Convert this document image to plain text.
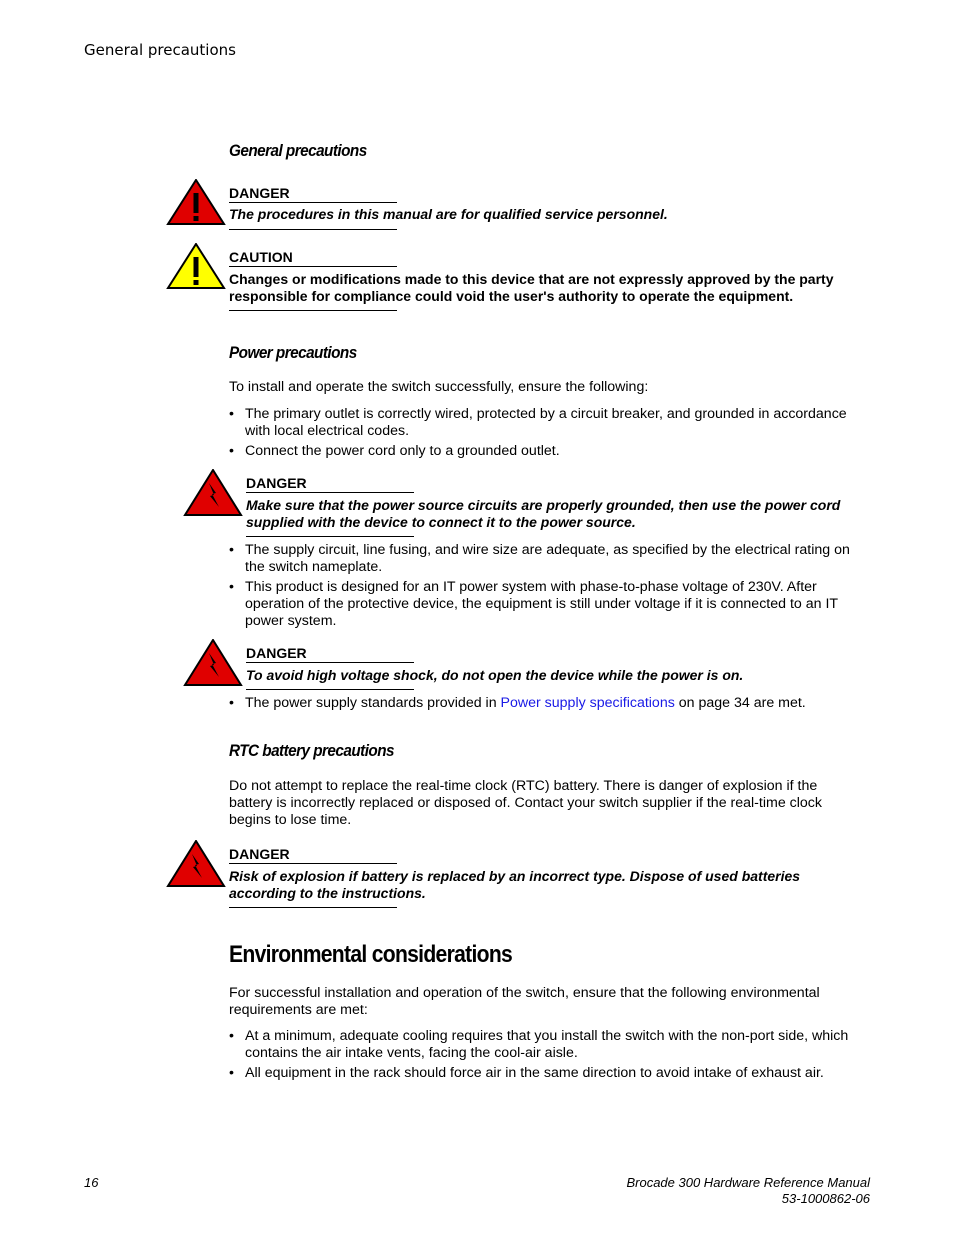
General precautions
General precautions
DANGER
The procedures in this manual are for qualified service personnel.
CAUTION
Changes or modifications made to this device that are not expressly approved by the party responsible for compliance could void the user's authority to operate the equipment.
Power precautions
To install and operate the switch successfully, ensure the following:
• The primary outlet is correctly wired, protected by a circuit breaker, and grounded in accordance with local electrical codes.
• Connect the power cord only to a grounded outlet.
DANGER
Make sure that the power source circuits are properly grounded, then use the power cord supplied with the device to connect it to the power source.
• The supply circuit, line fusing, and wire size are adequate, as specified by the electrical rating on the switch nameplate.
• This product is designed for an IT power system with phase-to-phase voltage of 230V. After operation of the protective device, the equipment is still under voltage if it is connected to an IT power system.
DANGER
To avoid high voltage shock, do not open the device while the power is on.
• The power supply standards provided in Power supply specifications on page 34 are met.
RTC battery precautions
Do not attempt to replace the real-time clock (RTC) battery. There is danger of explosion if the battery is incorrectly replaced or disposed of. Contact your switch supplier if the real-time clock begins to lose time.
DANGER
Risk of explosion if battery is replaced by an incorrect type. Dispose of used batteries according to the instructions.
Environmental considerations
For successful installation and operation of the switch, ensure that the following environmental requirements are met:
• At a minimum, adequate cooling requires that you install the switch with the non-port side, which contains the air intake vents, facing the cool-air aisle.
• All equipment in the rack should force air in the same direction to avoid intake of exhaust air.
16	Brocade 300 Hardware Reference Manual
53-1000862-06
